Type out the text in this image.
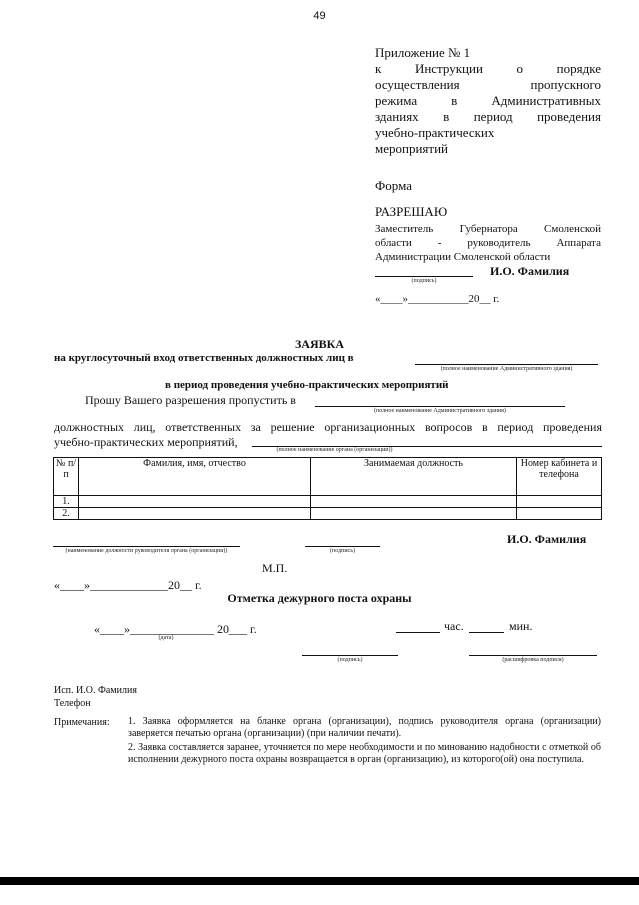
49
Приложение № 1
к Инструкции о порядке
осуществления пропускного
режима в Административных
зданиях в период проведения
учебно-практических
мероприятий
Форма
РАЗРЕШАЮ
Заместитель Губернатора Смоленской
области - руководитель Аппарата
Администрации Смоленской области
(подпись)
И.О. Фамилия
«____»___________20__ г.
ЗАЯВКА
на круглосуточный вход ответственных должностных лиц в
(полное наименование Административного здания)
в период проведения учебно-практических мероприятий
Прошу Вашего разрешения пропустить в
(полное наименование Административного здания)
должностных лиц, ответственных за решение организационных вопросов в период проведения
учебно-практических мероприятий,
(полное наименование органа (организации))
№ п/п	Фамилия, имя, отчество	Занимаемая должность	Номер кабинета и телефона
1.			
2.			
(наименование должности руководителя органа (организации))	(подпись)
И.О. Фамилия
М.П.
«____»_____________20__ г.
Отметка дежурного поста охраны
«____»______________ 20___ г.
(дата)
час.	мин.
(подпись)	(расшифровка подписи)
Исп. И.О. Фамилия
Телефон
Примечания: 1. Заявка оформляется на бланке органа (организации), подпись руководителя органа (организации) заверяется печатью органа (организации) (при наличии печати).
2. Заявка составляется заранее, уточняется по мере необходимости и по минованию надобности с отметкой об исполнении дежурного поста охраны возвращается в орган (организацию), из которого(ой) она поступила.
